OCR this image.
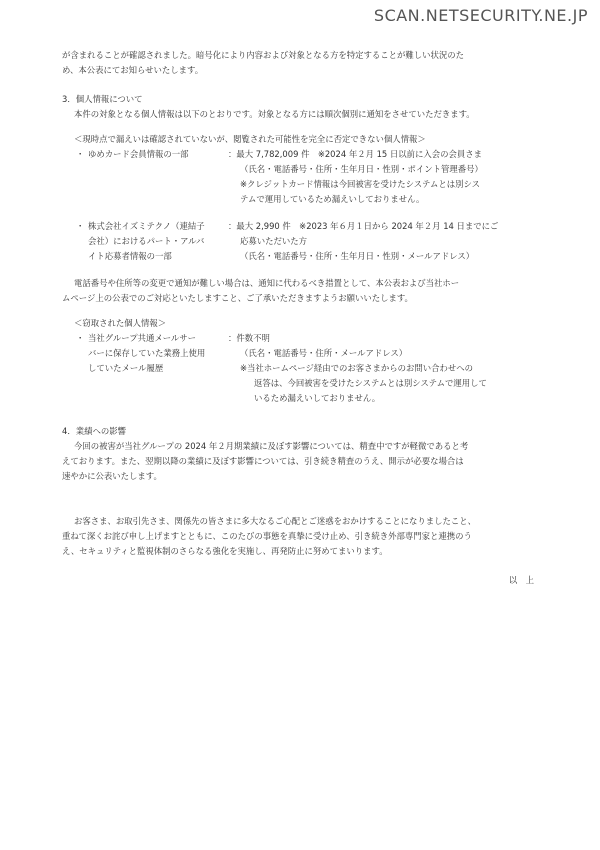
SCAN.NETSECURITY.NE.JP
が含まれることが確認されました。暗号化により内容および対象となる方を特定することが難しい状況のた
め、本公表にてお知らせいたします。
3．個人情報について
本件の対象となる個人情報は以下のとおりです。対象となる方には順次個別に通知をさせていただきます。
＜現時点で漏えいは確認されていないが、閲覧された可能性を完全に否定できない個人情報＞
・ ゆめカード会員情報の一部	：最大 7,782,009 件　※2024 年２月 15 日以前に入会の会員さま
（氏名・電話番号・住所・生年月日・性別・ポイント管理番号）
※クレジットカード情報は今回被害を受けたシステムとは別シス
テムで運用しているため漏えいしておりません。
・ 株式会社イズミテクノ（連結子
会社）におけるパート・アルバ
イト応募者情報の一部
：最大 2,990 件　※2023 年６月１日から 2024 年２月 14 日までにご
応募いただいた方
（氏名・電話番号・住所・生年月日・性別・メールアドレス）
電話番号や住所等の変更で通知が難しい場合は、通知に代わるべき措置として、本公表および当社ホー
ムページ上の公表でのご対応といたしますこと、ご了承いただきますようお願いいたします。
＜窃取された個人情報＞
・ 当社グループ共通メールサー
バーに保存していた業務上使用
していたメール履歴
：件数不明
（氏名・電話番号・住所・メールアドレス）
※当社ホームページ経由でのお客さまからのお問い合わせへの
返答は、今回被害を受けたシステムとは別システムで運用して
いるため漏えいしておりません。
4．業績への影響
今回の被害が当社グループの 2024 年２月期業績に及ぼす影響については、精査中ですが軽微であると考
えております。また、翌期以降の業績に及ぼす影響については、引き続き精査のうえ、開示が必要な場合は
速やかに公表いたします。
お客さま、お取引先さま、関係先の皆さまに多大なるご心配とご迷惑をおかけすることになりましたこと、
重ねて深くお詫び申し上げますとともに、このたびの事態を真摯に受け止め、引き続き外部専門家と連携のう
え、セキュリティと監視体制のさらなる強化を実施し、再発防止に努めてまいります。
以　上
